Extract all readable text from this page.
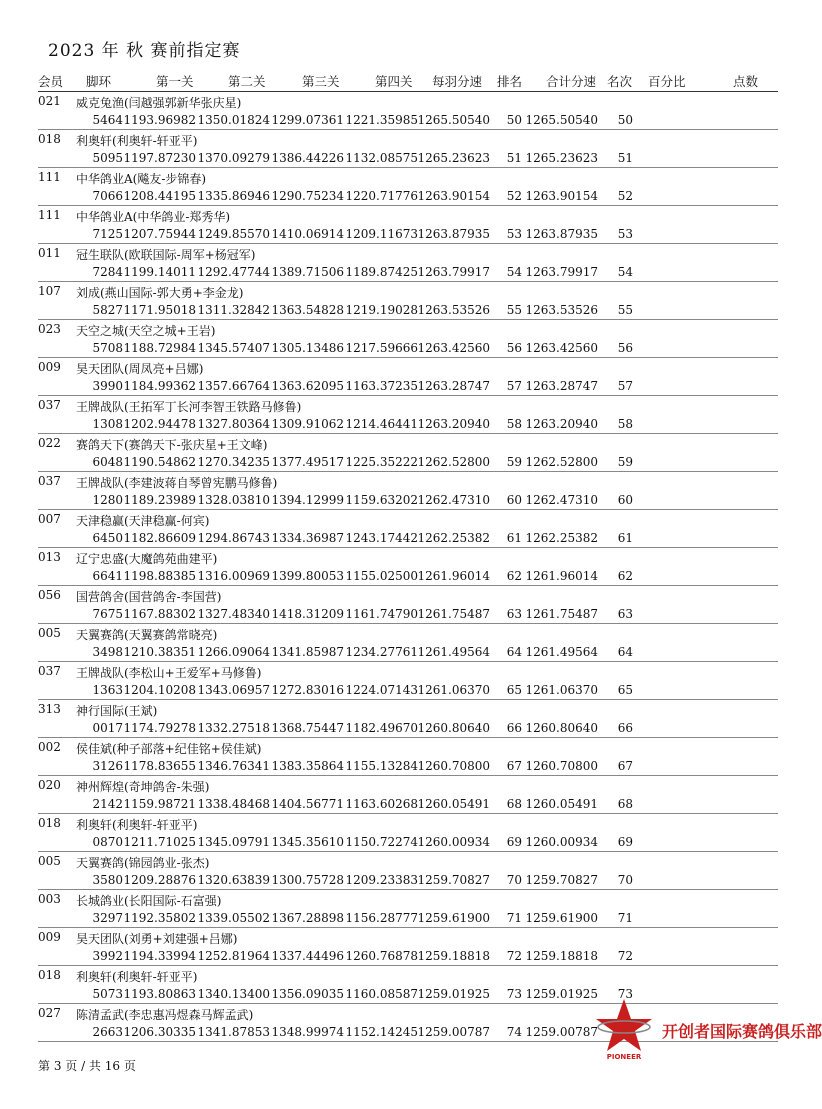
2023 年 秋 赛前指定赛
会员 脚环	第一关	第二关	第三关	第四关 每羽分速 排名 合计分速 名次 百分比	点数
021 威克兔渔(闫越强郭新华张庆星)
5464 1193.96982 1350.01824 1299.07361 1221.35985 1265.50540 50 1265.50540 50
018 利奥轩(利奥轩-轩亚平)
5095 1197.87230 1370.09279 1386.44226 1132.08575 1265.23623 51 1265.23623 51
111 中华鸽业A(飚友-步锦春)
7066 1208.44195 1335.86946 1290.75234 1220.71776 1263.90154 52 1263.90154 52
111 中华鸽业A(中华鸽业-郑秀华)
7125 1207.75944 1249.85570 1410.06914 1209.11673 1263.87935 53 1263.87935 53
011 冠生联队(欧联国际-周军+杨冠军)
7284 1199.14011 1292.47744 1389.71506 1189.87425 1263.79917 54 1263.79917 54
107 刘成(燕山国际-郭大勇+李金龙)
5827 1171.95018 1311.32842 1363.54828 1219.19028 1263.53526 55 1263.53526 55
023 天空之城(天空之城+王岩)
5708 1188.72984 1345.57407 1305.13486 1217.59666 1263.42560 56 1263.42560 56
009 昊天团队(周凤亮+吕娜)
3990 1184.99362 1357.66764 1363.62095 1163.37235 1263.28747 57 1263.28747 57
037 王牌战队(王拓军丁长河李智王铁路马修鲁)
1308 1202.94478 1327.80364 1309.91062 1214.46441 1263.20940 58 1263.20940 58
022 赛鸽天下(赛鸽天下-张庆星+王文峰)
6048 1190.54862 1270.34235 1377.49517 1225.35222 1262.52800 59 1262.52800 59
037 王牌战队(李建波蒋自琴曾宪鹏马修鲁)
1280 1189.23989 1328.03810 1394.12999 1159.63202 1262.47310 60 1262.47310 60
007 天津稳赢(天津稳赢-何宾)
6450 1182.86609 1294.86743 1334.36987 1243.17442 1262.25382 61 1262.25382 61
013 辽宁忠盛(大魔鸽苑曲建平)
6641 1198.88385 1316.00969 1399.80053 1155.02500 1261.96014 62 1261.96014 62
056 国营鸽舍(国营鸽舍-李国营)
7675 1167.88302 1327.48340 1418.31209 1161.74790 1261.75487 63 1261.75487 63
005 天翼赛鸽(天翼赛鸽常晓亮)
3498 1210.38351 1266.09064 1341.85987 1234.27761 1261.49564 64 1261.49564 64
037 王牌战队(李松山+王爱军+马修鲁)
1363 1204.10208 1343.06957 1272.83016 1224.07143 1261.06370 65 1261.06370 65
313 神行国际(王斌)
0017 1174.79278 1332.27518 1368.75447 1182.49670 1260.80640 66 1260.80640 66
002 侯佳斌(种子部落+纪佳铭+侯佳斌)
3126 1178.83655 1346.76341 1383.35864 1155.13284 1260.70800 67 1260.70800 67
020 神州辉煌(奇坤鸽舍-朱强)
2142 1159.98721 1338.48468 1404.56771 1163.60268 1260.05491 68 1260.05491 68
018 利奥轩(利奥轩-轩亚平)
0870 1211.71025 1345.09791 1345.35610 1150.72274 1260.00934 69 1260.00934 69
005 天翼赛鸽(锦园鸽业-张杰)
3580 1209.28876 1320.63839 1300.75728 1209.23383 1259.70827 70 1259.70827 70
003 长城鸽业(长阳国际-石富强)
3297 1192.35802 1339.05502 1367.28898 1156.28777 1259.61900 71 1259.61900 71
009 昊天团队(刘勇+刘建强+吕娜)
3992 1194.33994 1252.81964 1337.44496 1260.76878 1259.18818 72 1259.18818 72
018 利奥轩(利奥轩-轩亚平)
5073 1193.80863 1340.13400 1356.09035 1160.08587 1259.01925 73 1259.01925 73
027 陈清孟武(李忠惠冯煜森马辉孟武)
2663 1206.30335 1341.87853 1348.99974 1152.14245 1259.00787 74 1259.00787
第 3 页 / 共 16 页
PIONEER
开创者国际赛鸽俱乐部
